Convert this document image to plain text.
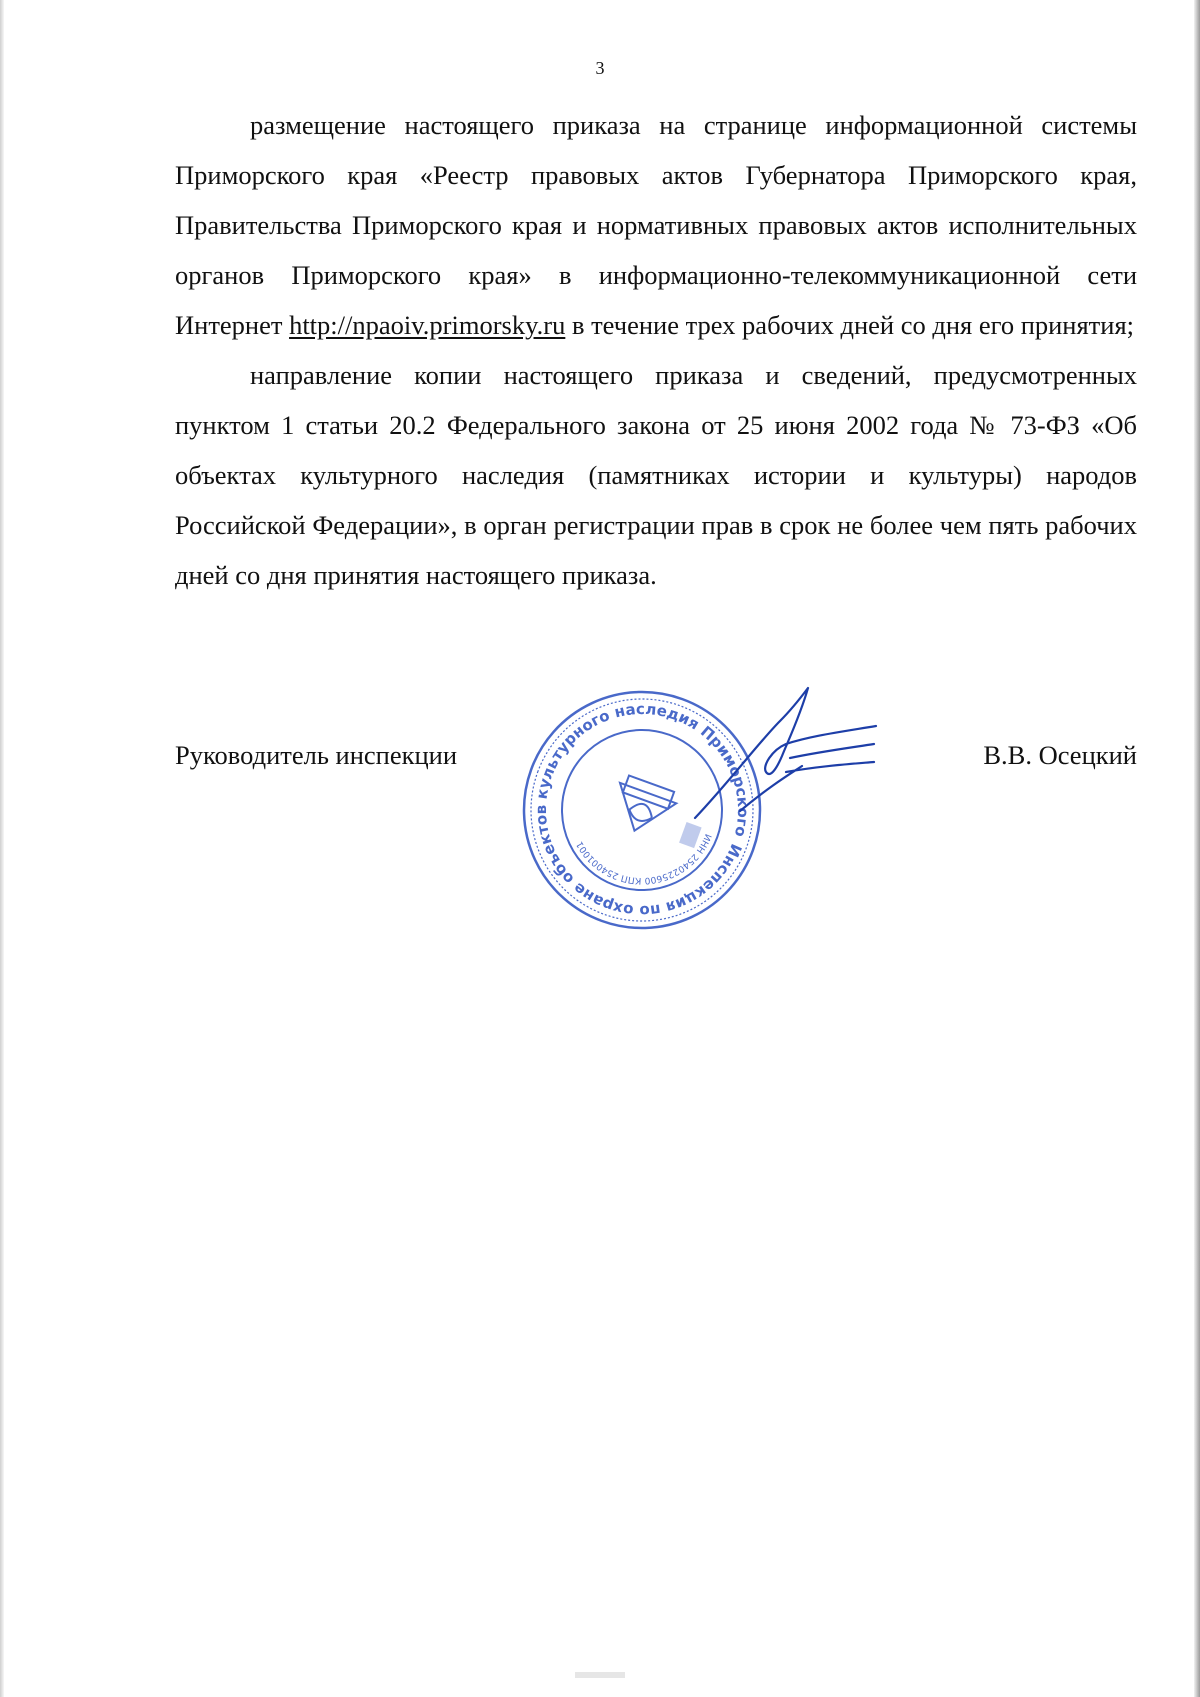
3

размещение настоящего приказа на странице информационной системы Приморского края «Реестр правовых актов Губернатора Приморского края, Правительства Приморского края и нормативных правовых актов исполнительных органов Приморского края» в информационно-телекоммуникационной сети Интернет http://npaoiv.primorsky.ru в течение трех рабочих дней со дня его принятия;

направление копии настоящего приказа и сведений, предусмотренных пунктом 1 статьи 20.2 Федерального закона от 25 июня 2002 года № 73-ФЗ «Об объектах культурного наследия (памятниках истории и культуры) народов Российской Федерации», в орган регистрации прав в срок не более чем пять рабочих дней со дня принятия настоящего приказа.

Руководитель инспекции	В.В. Осецкий
Инспекция по охране объектов культурного наследия Приморского
ИНН 2540225600 КПП 254001001
